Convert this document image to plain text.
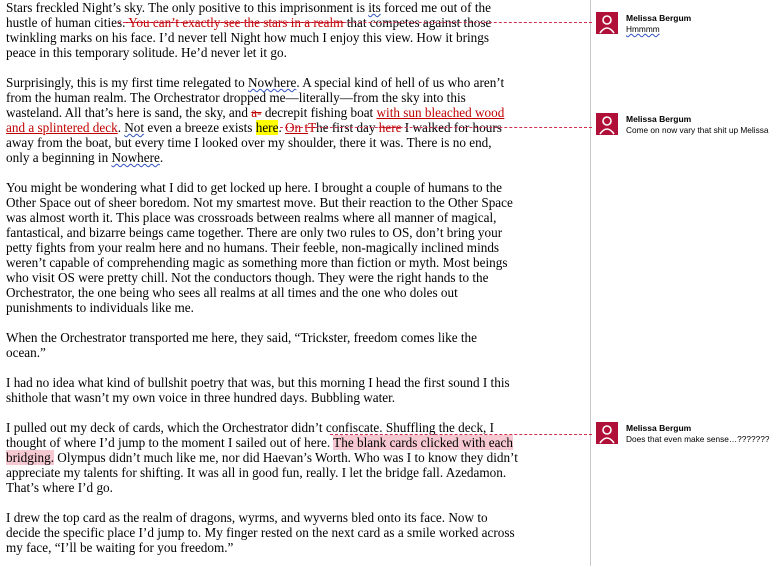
Stars freckled Night’s sky. The only positive to this imprisonment is its forced me out of the hustle of human cities. You can’t exactly see the stars in a realm that competes against those twinkling marks on his face. I’d never tell Night how much I enjoy this view. How it brings peace in this temporary solitude. He’d never let it go.

Surprisingly, this is my first time relegated to Nowhere. A special kind of hell of us who aren’t from the human realm. The Orchestrator dropped me—literally—from the sky into this wasteland. All that’s here is sand, the sky, and a- decrepit fishing boat with sun bleached wood and a splintered deck. Not even a breeze exists here. On tThe first day here I walked for hours away from the boat, but every time I looked over my shoulder, there it was. There is no end, only a beginning in Nowhere.

You might be wondering what I did to get locked up here. I brought a couple of humans to the Other Space out of sheer boredom. Not my smartest move. But their reaction to the Other Space was almost worth it. This place was crossroads between realms where all manner of magical, fantastical, and bizarre beings came together. There are only two rules to OS, don’t bring your petty fights from your realm here and no humans. Their feeble, non-magically inclined minds weren’t capable of comprehending magic as something more than fiction or myth. Most beings who visit OS were pretty chill. Not the conductors though. They were the right hands to the Orchestrator, the one being who sees all realms at all times and the one who doles out punishments to individuals like me.

When the Orchestrator transported me here, they said, “Trickster, freedom comes like the ocean.”

I had no idea what kind of bullshit poetry that was, but this morning I head the first sound I this shithole that wasn’t my own voice in three hundred days. Bubbling water.

I pulled out my deck of cards, which the Orchestrator didn’t confiscate. Shuffling the deck, I thought of where I’d jump to the moment I sailed out of here. The blank cards clicked with each bridging. Olympus didn’t much like me, nor did Haevan’s Worth. Who was I to know they didn’t appreciate my talents for shifting. It was all in good fun, really. I let the bridge fall. Azedamon. That’s where I’d go.

I drew the top card as the realm of dragons, wyrms, and wyverns bled onto its face. Now to decide the specific place I’d jump to. My finger rested on the next card as a smile worked across my face, “I’ll be waiting for you freedom.”

Melissa Bergum
Hmmmm
Melissa Bergum
Come on now vary that shit up Melissa
Melissa Bergum
Does that even make sense…???????
